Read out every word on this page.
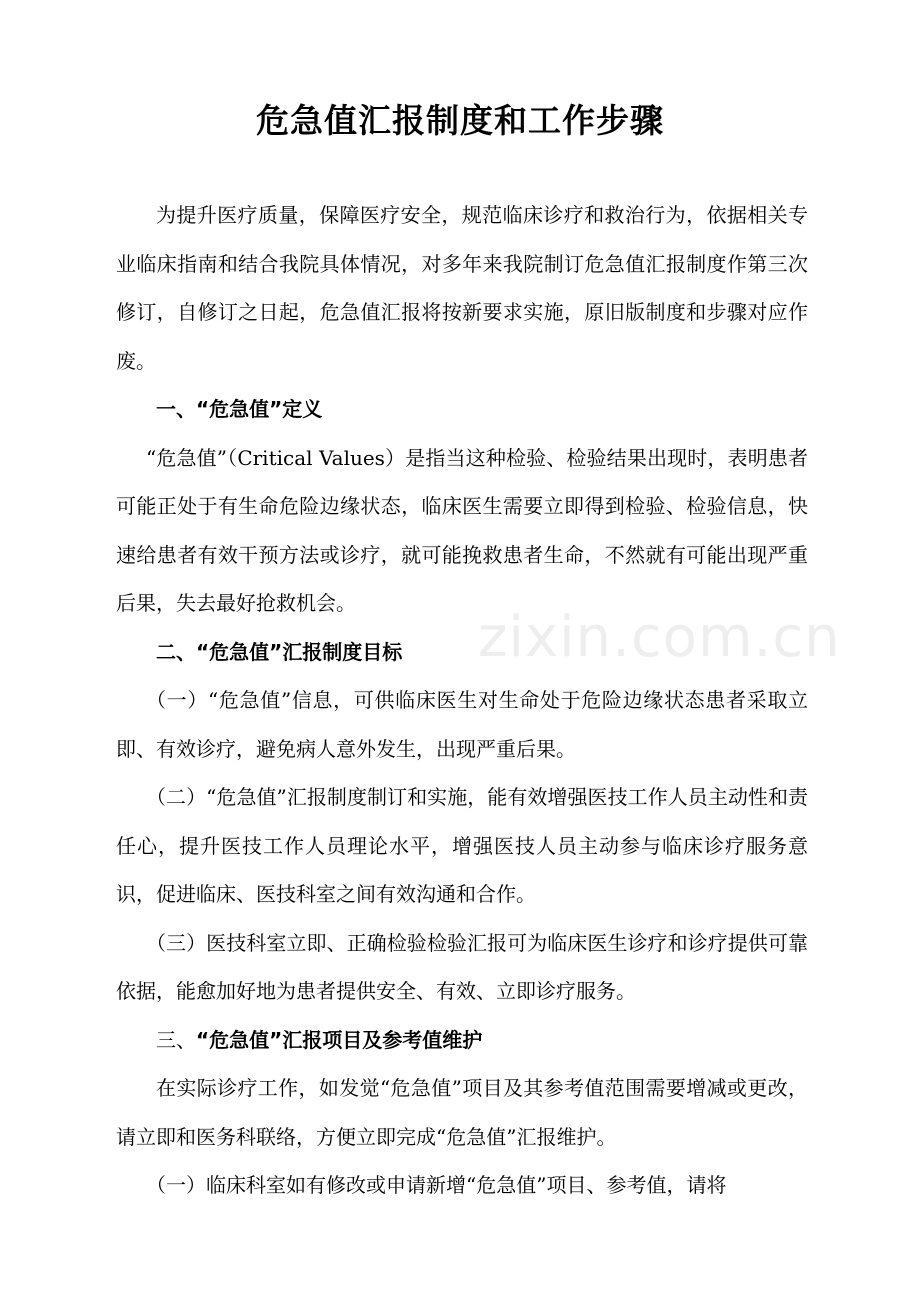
危急值汇报制度和工作步骤

为提升医疗质量，保障医疗安全，规范临床诊疗和救治行为，依据相关专业临床指南和结合我院具体情况，对多年来我院制订危急值汇报制度作第三次修订，自修订之日起，危急值汇报将按新要求实施，原旧版制度和步骤对应作废。

一、“危急值”定义

“危急值”（Critical Values）是指当这种检验、检验结果出现时，表明患者可能正处于有生命危险边缘状态，临床医生需要立即得到检验、检验信息，快速给患者有效干预方法或诊疗，就可能挽救患者生命，不然就有可能出现严重后果，失去最好抢救机会。

二、“危急值”汇报制度目标

（一）“危急值”信息，可供临床医生对生命处于危险边缘状态患者采取立即、有效诊疗，避免病人意外发生，出现严重后果。

（二）“危急值”汇报制度制订和实施，能有效增强医技工作人员主动性和责任心，提升医技工作人员理论水平，增强医技人员主动参与临床诊疗服务意识，促进临床、医技科室之间有效沟通和合作。

（三）医技科室立即、正确检验检验汇报可为临床医生诊疗和诊疗提供可靠依据，能愈加好地为患者提供安全、有效、立即诊疗服务。

三、“危急值”汇报项目及参考值维护

在实际诊疗工作，如发觉“危急值”项目及其参考值范围需要增减或更改，请立即和医务科联络，方便立即完成“危急值”汇报维护。

（一）临床科室如有修改或申请新增“危急值”项目、参考值，请将

zixin.com.cn
